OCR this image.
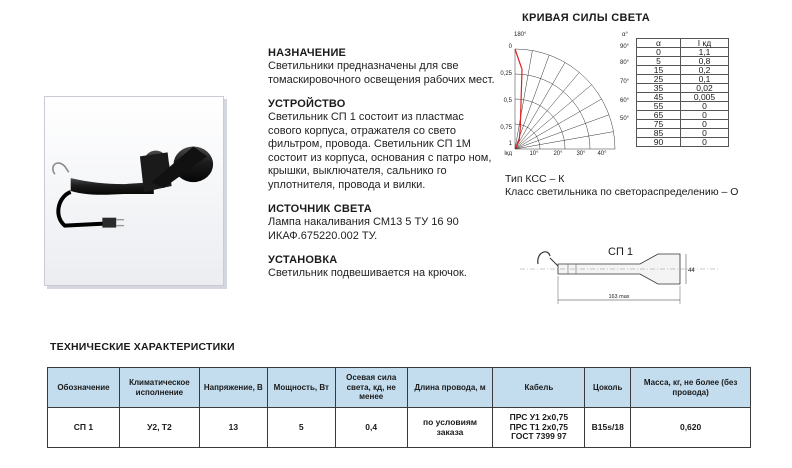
НАЗНАЧЕНИЕ
Светильники предназначены для све томаскировочного освещения рабочих мест.
УСТРОЙСТВО
Светильник СП 1 состоит из пластмас сового корпуса, отражателя со свето фильтром, провода. Светильник СП 1М состоит из корпуса, основания с патро ном, крышки, выключателя, сальнико го уплотнителя, провода и вилки.
ИСТОЧНИК СВЕТА
Лампа накаливания СМ13 5 ТУ 16 90 ИКАФ.675220.002 ТУ.
УСТАНОВКА
Светильник подвешивается на крючок.
КРИВАЯ СИЛЫ СВЕТА
180°	α°
0
0,25
0,5
0,75
1
Iкд
90°
80°
70°
60°
50°
10° 20° 30° 40°
α	I кд
0	1,1
5	0,8
15	0,2
25	0,1
35	0,02
45	0,005
55	0
65	0
75	0
85	0
90	0
Тип КСС – К
Класс светильника по светораспределению – О
44
163 max
СП 1
ТЕХНИЧЕСКИЕ ХАРАКТЕРИСТИКИ
Обозначение	Климатическое исполнение	Напряжение, В	Мощность, Вт	Осевая сила света, кд, не менее	Длина провода, м	Кабель	Цоколь	Масса, кг, не более (без провода)
СП 1	У2, Т2	13	5	0,4	по условиям заказа	ПРС У1 2х0,75
ПРС Т1 2х0,75
ГОСТ 7399 97	B15s/18	0,620
